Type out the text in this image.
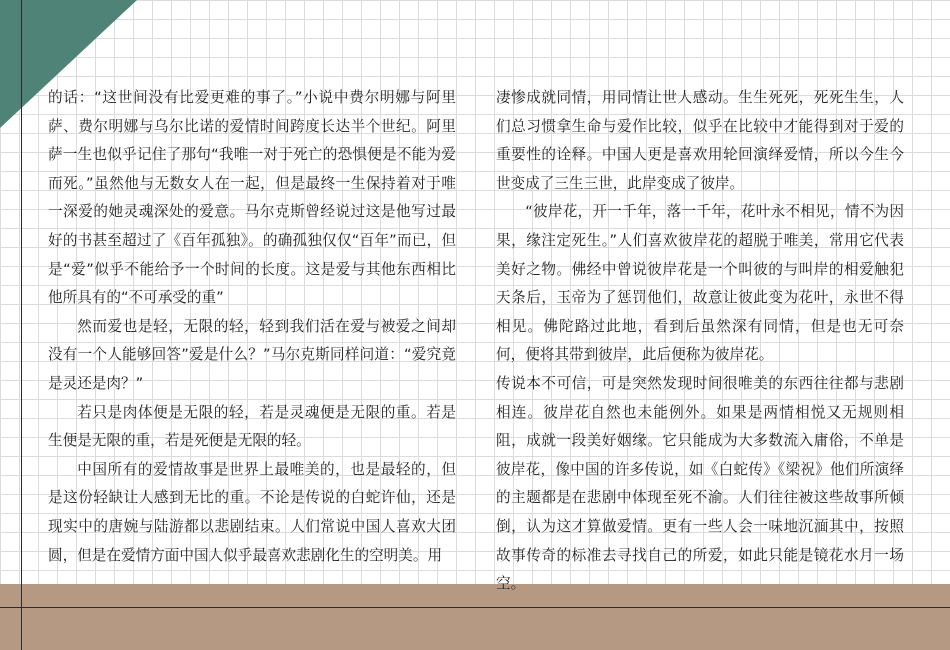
的话：“这世间没有比爱更难的事了。”小说中费尔明娜与阿里萨、费尔明娜与乌尔比诺的爱情时间跨度长达半个世纪。阿里萨一生也似乎记住了那句“我唯一对于死亡的恐惧便是不能为爱而死。”虽然他与无数女人在一起，但是最终一生保持着对于唯一深爱的她灵魂深处的爱意。马尔克斯曾经说过这是他写过最好的书甚至超过了《百年孤独》。的确孤独仅仅“百年”而已，但是“爱”似乎不能给予一个时间的长度。这是爱与其他东西相比他所具有的“不可承受的重”

然而爱也是轻，无限的轻，轻到我们活在爱与被爱之间却没有一个人能够回答”爱是什么？”马尔克斯同样问道：“爱究竟是灵还是肉？”

若只是肉体便是无限的轻，若是灵魂便是无限的重。若是生便是无限的重，若是死便是无限的轻。

中国所有的爱情故事是世界上最唯美的，也是最轻的，但是这份轻缺让人感到无比的重。不论是传说的白蛇许仙，还是现实中的唐婉与陆游都以悲剧结束。人们常说中国人喜欢大团圆，但是在爱情方面中国人似乎最喜欢悲剧化生的空明美。用

凄惨成就同情，用同情让世人感动。生生死死，死死生生，人们总习惯拿生命与爱作比较，似乎在比较中才能得到对于爱的重要性的诠释。中国人更是喜欢用轮回演绎爱情，所以今生今世变成了三生三世，此岸变成了彼岸。

“彼岸花，开一千年，落一千年，花叶永不相见，情不为因果，缘注定死生。”人们喜欢彼岸花的超脱于唯美，常用它代表美好之物。佛经中曾说彼岸花是一个叫彼的与叫岸的相爱触犯天条后，玉帝为了惩罚他们，故意让彼此变为花叶，永世不得相见。佛陀路过此地，看到后虽然深有同情，但是也无可奈何，便将其带到彼岸，此后便称为彼岸花。

传说本不可信，可是突然发现时间很唯美的东西往往都与悲剧相连。彼岸花自然也未能例外。如果是两情相悦又无规则相阻，成就一段美好姻缘。它只能成为大多数流入庸俗，不单是彼岸花，像中国的许多传说，如《白蛇传》《梁祝》他们所演绎的主题都是在悲剧中体现至死不渝。人们往往被这些故事所倾倒，认为这才算做爱情。更有一些人会一味地沉湎其中，按照故事传奇的标准去寻找自己的所爱，如此只能是镜花水月一场空。
